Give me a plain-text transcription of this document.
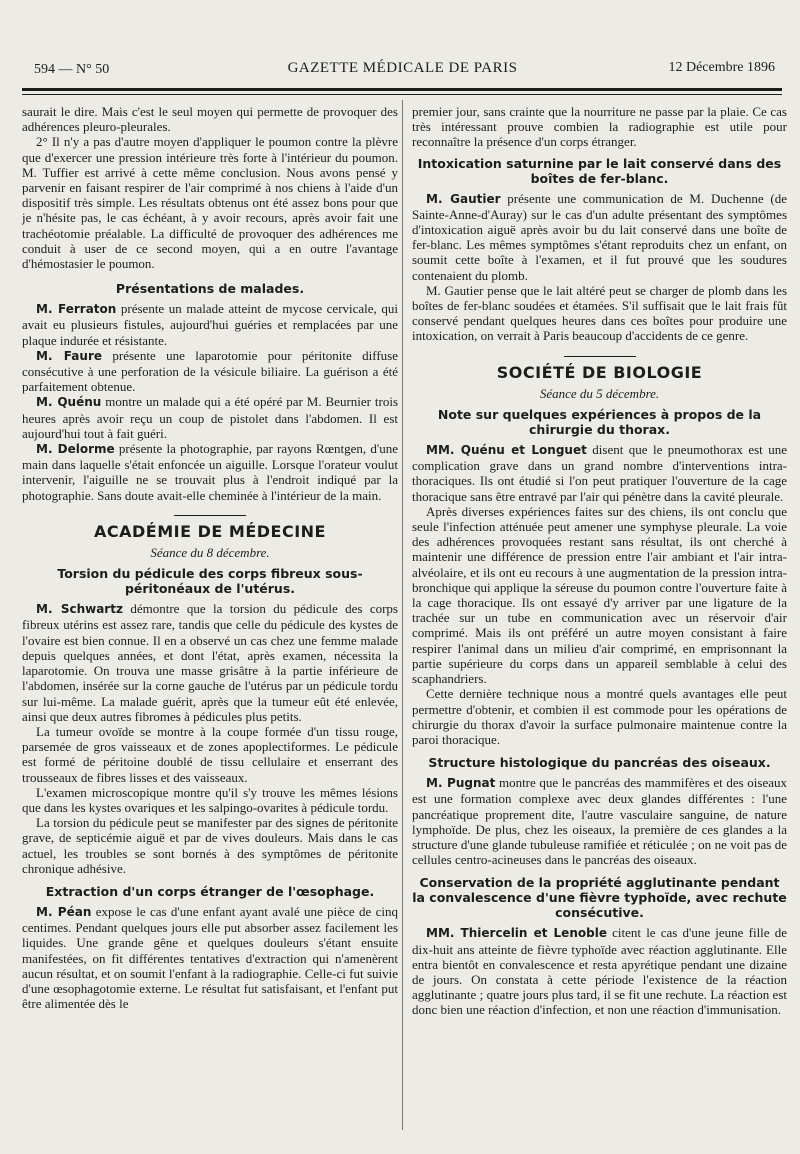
594 — N° 50	GAZETTE MÉDICALE DE PARIS	12 Décembre 1896

saurait le dire. Mais c'est le seul moyen qui permette de provoquer des adhérences pleuro-pleurales.

2° Il n'y a pas d'autre moyen d'appliquer le poumon contre la plèvre que d'exercer une pression intérieure très forte à l'intérieur du poumon. M. Tuffier est arrivé à cette même conclusion. Nous avons pensé y parvenir en faisant respirer de l'air comprimé à nos chiens à l'aide d'un dispositif très simple. Les résultats obtenus ont été assez bons pour que je n'hésite pas, le cas échéant, à y avoir recours, après avoir fait une trachéotomie préalable. La difficulté de provoquer des adhérences me conduit à user de ce second moyen, qui a en outre l'avantage d'hémostasier le poumon.

Présentations de malades.

M. Ferraton présente un malade atteint de mycose cervicale, qui avait eu plusieurs fistules, aujourd'hui guéries et remplacées par une plaque indurée et résistante.

M. Faure présente une laparotomie pour péritonite diffuse consécutive à une perforation de la vésicule biliaire. La guérison a été parfaitement obtenue.

M. Quénu montre un malade qui a été opéré par M. Beurnier trois heures après avoir reçu un coup de pistolet dans l'abdomen. Il est aujourd'hui tout à fait guéri.

M. Delorme présente la photographie, par rayons Rœntgen, d'une main dans laquelle s'était enfoncée un aiguille. Lorsque l'orateur voulut intervenir, l'aiguille ne se trouvait plus à l'endroit indiqué par la photographie. Sans doute avait-elle cheminée à l'intérieur de la main.

ACADÉMIE DE MÉDECINE
Séance du 8 décembre.
Torsion du pédicule des corps fibreux sous-péritonéaux de l'utérus.

M. Schwartz démontre que la torsion du pédicule des corps fibreux utérins est assez rare, tandis que celle du pédicule des kystes de l'ovaire est bien connue. Il en a observé un cas chez une femme malade depuis quelques années, et dont l'état, après examen, nécessita la laparotomie. On trouva une masse grisâtre à la partie inférieure de l'abdomen, insérée sur la corne gauche de l'utérus par un pédicule tordu sur lui-même. La malade guérit, après que la tumeur eût été enlevée, ainsi que deux autres fibromes à pédicules plus petits.

La tumeur ovoïde se montre à la coupe formée d'un tissu rouge, parsemée de gros vaisseaux et de zones apoplectiformes. Le pédicule est formé de péritoine doublé de tissu cellulaire et enserrant des trousseaux de fibres lisses et des vaisseaux.

L'examen microscopique montre qu'il s'y trouve les mêmes lésions que dans les kystes ovariques et les salpingo-ovarites à pédicule tordu.

La torsion du pédicule peut se manifester par des signes de péritonite grave, de septicémie aiguë et par de vives douleurs. Mais dans le cas actuel, les troubles se sont bornés à des symptômes de péritonite chronique adhésive.

Extraction d'un corps étranger de l'œsophage.

M. Péan expose le cas d'une enfant ayant avalé une pièce de cinq centimes. Pendant quelques jours elle put absorber assez facilement les liquides. Une grande gêne et quelques douleurs s'étant ensuite manifestées, on fit différentes tentatives d'extraction qui n'amenèrent aucun résultat, et on soumit l'enfant à la radiographie. Celle-ci fut suivie d'une œsophagotomie externe. Le résultat fut satisfaisant, et l'enfant put être alimentée dès le

premier jour, sans crainte que la nourriture ne passe par la plaie. Ce cas très intéressant prouve combien la radiographie est utile pour reconnaître la présence d'un corps étranger.

Intoxication saturnine par le lait conservé dans des boîtes de fer-blanc.

M. Gautier présente une communication de M. Duchenne (de Sainte-Anne-d'Auray) sur le cas d'un adulte présentant des symptômes d'intoxication aiguë après avoir bu du lait conservé dans une boîte de fer-blanc. Les mêmes symptômes s'étant reproduits chez un enfant, on soumit cette boîte à l'examen, et il fut prouvé que les soudures contenaient du plomb.

M. Gautier pense que le lait altéré peut se charger de plomb dans les boîtes de fer-blanc soudées et étamées. S'il suffisait que le lait frais fût conservé pendant quelques heures dans ces boîtes pour produire une intoxication, on verrait à Paris beaucoup d'accidents de ce genre.

SOCIÉTÉ DE BIOLOGIE
Séance du 5 décembre.
Note sur quelques expériences à propos de la chirurgie du thorax.

MM. Quénu et Longuet disent que le pneumothorax est une complication grave dans un grand nombre d'interventions intra-thoraciques. Ils ont étudié si l'on peut pratiquer l'ouverture de la cage thoracique sans être entravé par l'air qui pénètre dans la cavité pleurale.

Après diverses expériences faites sur des chiens, ils ont conclu que seule l'infection atténuée peut amener une symphyse pleurale. La voie des adhérences provoquées restant sans résultat, ils ont cherché à maintenir une différence de pression entre l'air ambiant et l'air intra-alvéolaire, et ils ont eu recours à une augmentation de la pression intra-bronchique qui applique la séreuse du poumon contre l'ouverture faite à la cage thoracique. Ils ont essayé d'y arriver par une ligature de la trachée sur un tube en communication avec un réservoir d'air comprimé. Mais ils ont préféré un autre moyen consistant à faire respirer l'animal dans un milieu d'air comprimé, en emprisonnant la partie supérieure du corps dans un appareil semblable à celui des scaphandriers.

Cette dernière technique nous a montré quels avantages elle peut permettre d'obtenir, et combien il est commode pour les opérations de chirurgie du thorax d'avoir la surface pulmonaire maintenue contre la paroi thoracique.

Structure histologique du pancréas des oiseaux.

M. Pugnat montre que le pancréas des mammifères et des oiseaux est une formation complexe avec deux glandes différentes : l'une pancréatique proprement dite, l'autre vasculaire sanguine, de nature lymphoïde. De plus, chez les oiseaux, la première de ces glandes a la structure d'une glande tubuleuse ramifiée et réticulée ; on ne voit pas de cellules centro-acineuses dans le pancréas des oiseaux.

Conservation de la propriété agglutinante pendant la convalescence d'une fièvre typhoïde, avec rechute consécutive.

MM. Thiercelin et Lenoble citent le cas d'une jeune fille de dix-huit ans atteinte de fièvre typhoïde avec réaction agglutinante. Elle entra bientôt en convalescence et resta apyrétique pendant une dizaine de jours. On constata à cette période l'existence de la réaction agglutinante ; quatre jours plus tard, il se fit une rechute. La réaction est donc bien une réaction d'infection, et non une réaction d'immunisation.
